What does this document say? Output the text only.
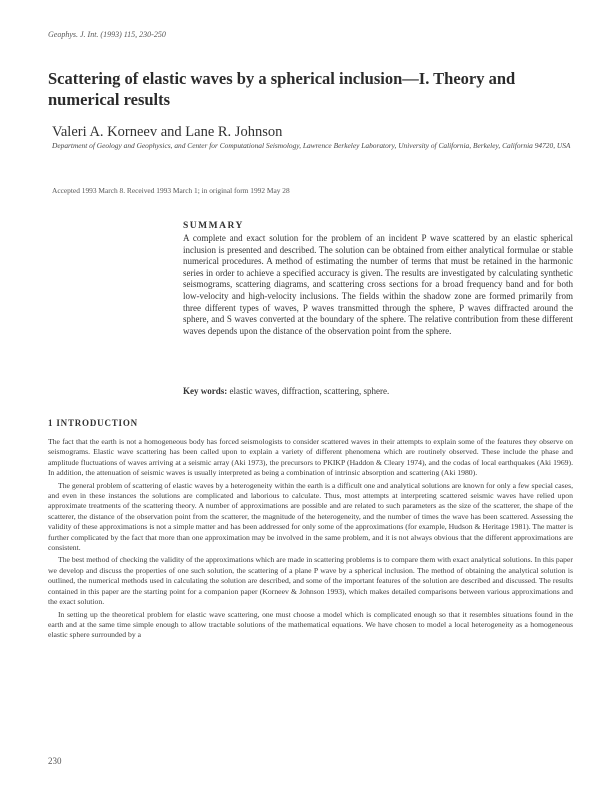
Geophys. J. Int. (1993) 115, 230-250
Scattering of elastic waves by a spherical inclusion—I. Theory and numerical results
Valeri A. Korneev and Lane R. Johnson
Department of Geology and Geophysics, and Center for Computational Seismology, Lawrence Berkeley Laboratory, University of California, Berkeley, California 94720, USA
Accepted 1993 March 8. Received 1993 March 1; in original form 1992 May 28
SUMMARY
A complete and exact solution for the problem of an incident P wave scattered by an elastic spherical inclusion is presented and described. The solution can be obtained from either analytical formulae or stable numerical procedures. A method of estimating the number of terms that must be retained in the harmonic series in order to achieve a specified accuracy is given. The results are investigated by calculating synthetic seismograms, scattering diagrams, and scattering cross sections for a broad frequency band and for both low-velocity and high-velocity inclusions. The fields within the shadow zone are formed primarily from three different types of waves, P waves transmitted through the sphere, P waves diffracted around the sphere, and S waves converted at the boundary of the sphere. The relative contribution from these different waves depends upon the distance of the observation point from the sphere.
Key words: elastic waves, diffraction, scattering, sphere.
1 INTRODUCTION

The fact that the earth is not a homogeneous body has forced seismologists to consider scattered waves in their attempts to explain some of the features they observe on seismograms. Elastic wave scattering has been called upon to explain a variety of different phenomena which are routinely observed. These include the phase and amplitude fluctuations of waves arriving at a seismic array (Aki 1973), the precursors to PKIKP (Haddon & Cleary 1974), and the codas of local earthquakes (Aki 1969). In addition, the attenuation of seismic waves is usually interpreted as being a combination of intrinsic absorption and scattering (Aki 1980).

The general problem of scattering of elastic waves by a heterogeneity within the earth is a difficult one and analytical solutions are known for only a few special cases, and even in these instances the solutions are complicated and laborious to calculate. Thus, most attempts at interpreting scattered seismic waves have relied upon approximate treatments of the scattering theory. A number of approximations are possible and are related to such parameters as the size of the scatterer, the shape of the scatterer, the distance of the observation point from the scatterer, the magnitude of the heterogeneity, and the number of times the wave has been scattered. Assessing the validity of these approximations is not a simple matter and has been addressed for only some of the approximations (for example, Hudson & Heritage 1981). The matter is further complicated by the fact that more than one approximation may be involved in the same problem, and it is not always obvious that the different approximations are consistent.

The best method of checking the validity of the approximations which are made in scattering problems is to compare them with exact analytical solutions. In this paper we develop and discuss the properties of one such solution, the scattering of a plane P wave by a spherical inclusion. The method of obtaining the analytical solution is outlined, the numerical methods used in calculating the solution are described, and some of the important features of the solution are described and discussed. The results contained in this paper are the starting point for a companion paper (Korneev & Johnson 1993), which makes detailed comparisons between various approximations and the exact solution.

In setting up the theoretical problem for elastic wave scattering, one must choose a model which is complicated enough so that it resembles situations found in the earth and at the same time simple enough to allow tractable solutions of the mathematical equations. We have chosen to model a local heterogeneity as a homogeneous elastic sphere surrounded by a

230
